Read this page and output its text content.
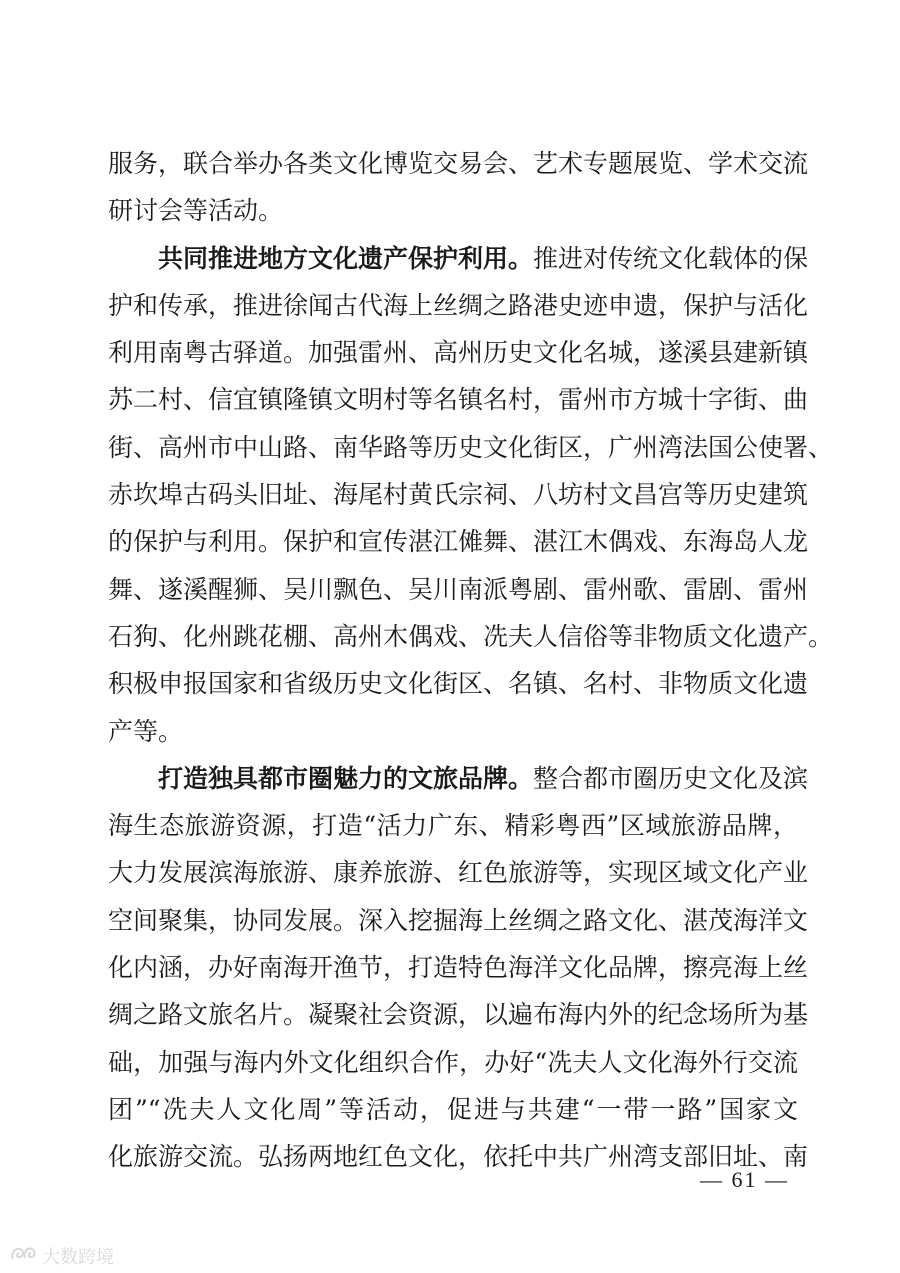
服务，联合举办各类文化博览交易会、艺术专题展览、学术交流
研讨会等活动。
共同推进地方文化遗产保护利用。推进对传统文化载体的保
护和传承，推进徐闻古代海上丝绸之路港史迹申遗，保护与活化
利用南粤古驿道。加强雷州、高州历史文化名城，遂溪县建新镇
苏二村、信宜镇隆镇文明村等名镇名村，雷州市方城十字街、曲
街、高州市中山路、南华路等历史文化街区，广州湾法国公使署、
赤坎埠古码头旧址、海尾村黄氏宗祠、八坊村文昌宫等历史建筑
的保护与利用。保护和宣传湛江傩舞、湛江木偶戏、东海岛人龙
舞、遂溪醒狮、吴川飘色、吴川南派粤剧、雷州歌、雷剧、雷州
石狗、化州跳花棚、高州木偶戏、冼夫人信俗等非物质文化遗产。
积极申报国家和省级历史文化街区、名镇、名村、非物质文化遗
产等。
打造独具都市圈魅力的文旅品牌。整合都市圈历史文化及滨
海生态旅游资源，打造“活力广东、精彩粤西”区域旅游品牌，
大力发展滨海旅游、康养旅游、红色旅游等，实现区域文化产业
空间聚集，协同发展。深入挖掘海上丝绸之路文化、湛茂海洋文
化内涵，办好南海开渔节，打造特色海洋文化品牌，擦亮海上丝
绸之路文旅名片。凝聚社会资源，以遍布海内外的纪念场所为基
础，加强与海内外文化组织合作，办好“冼夫人文化海外行交流
团”“冼夫人文化周”等活动，促进与共建“一带一路”国家文
化旅游交流。弘扬两地红色文化，依托中共广州湾支部旧址、南
— 61 —
大数跨境
